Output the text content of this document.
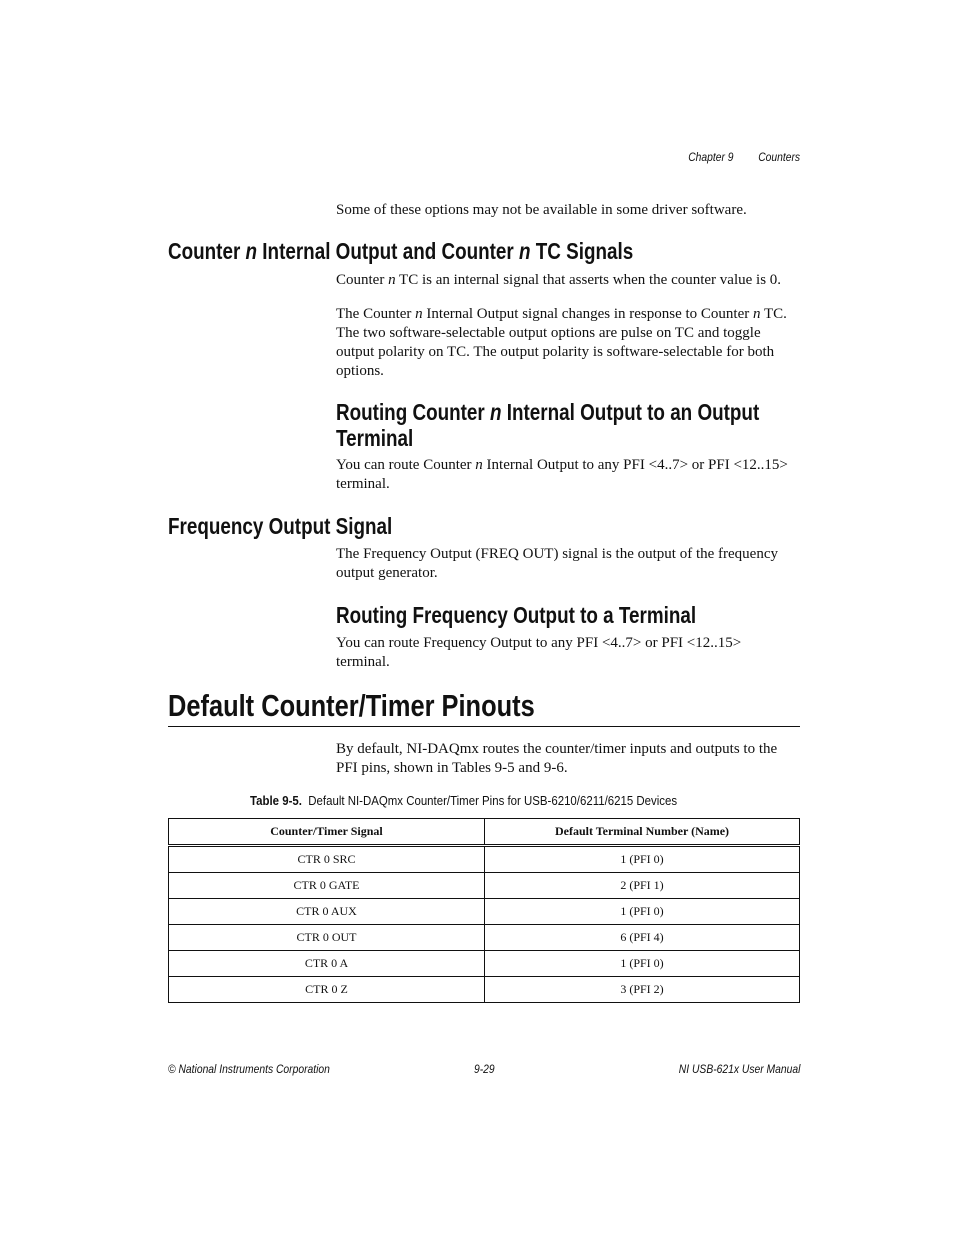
Chapter 9 Counters
Some of these options may not be available in some driver software.
Counter n Internal Output and Counter n TC Signals
Counter n TC is an internal signal that asserts when the counter value is 0.
The Counter n Internal Output signal changes in response to Counter n TC. The two software-selectable output options are pulse on TC and toggle output polarity on TC. The output polarity is software-selectable for both options.
Routing Counter n Internal Output to an Output
Terminal
You can route Counter n Internal Output to any PFI <4..7> or PFI <12..15> terminal.
Frequency Output Signal
The Frequency Output (FREQ OUT) signal is the output of the frequency output generator.
Routing Frequency Output to a Terminal
You can route Frequency Output to any PFI <4..7> or PFI <12..15> terminal.
Default Counter/Timer Pinouts
By default, NI-DAQmx routes the counter/timer inputs and outputs to the PFI pins, shown in Tables 9-5 and 9-6.
Table 9-5. Default NI-DAQmx Counter/Timer Pins for USB-6210/6211/6215 Devices
Counter/Timer Signal	Default Terminal Number (Name)
CTR 0 SRC	1 (PFI 0)
CTR 0 GATE	2 (PFI 1)
CTR 0 AUX	1 (PFI 0)
CTR 0 OUT	6 (PFI 4)
CTR 0 A	1 (PFI 0)
CTR 0 Z	3 (PFI 2)
© National Instruments Corporation	9-29	NI USB-621x User Manual
